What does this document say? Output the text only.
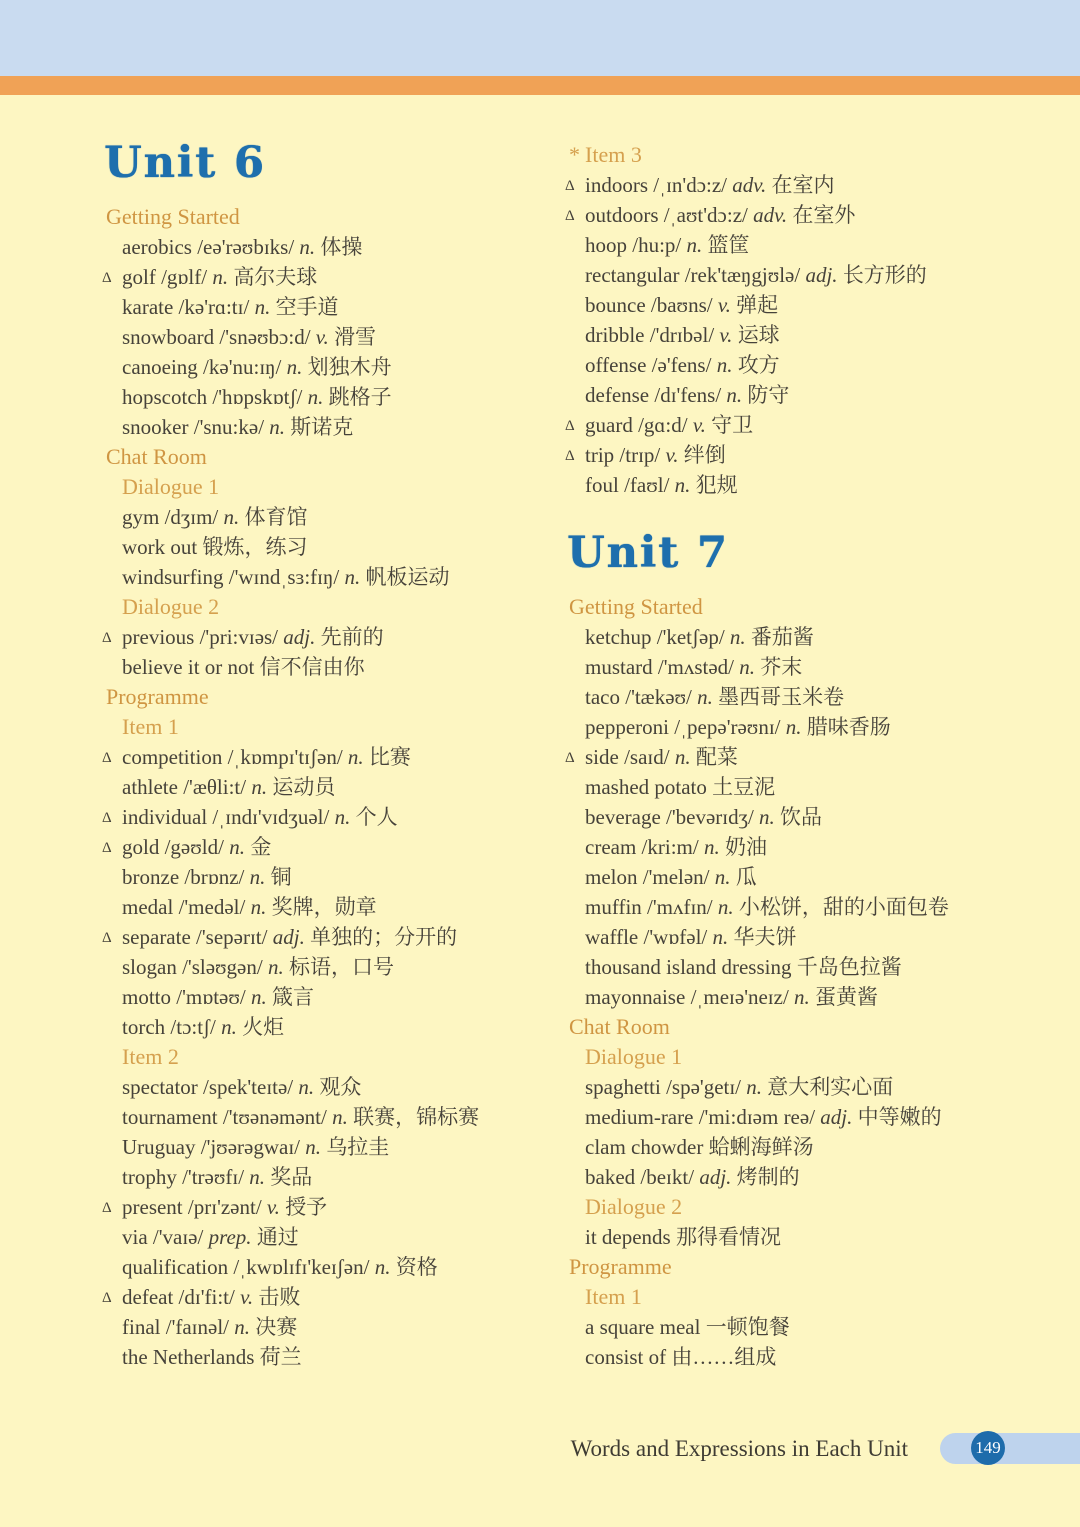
Unit 6
Getting Started
aerobics /eə'rəʊbɪks/ n. 体操
Δ golf /gɒlf/ n. 高尔夫球
karate /kə'rɑ:tɪ/ n. 空手道
snowboard /'snəʊbɔ:d/ v. 滑雪
canoeing /kə'nu:ɪŋ/ n. 划独木舟
hopscotch /'hɒpskɒtʃ/ n. 跳格子
snooker /'snu:kə/ n. 斯诺克
Chat Room
Dialogue 1
gym /dʒɪm/ n. 体育馆
work out 锻炼，练习
windsurfing /'wɪndˌsɜ:fɪŋ/ n. 帆板运动
Dialogue 2
Δ previous /'pri:vɪəs/ adj. 先前的
believe it or not 信不信由你
Programme
Item 1
Δ competition /ˌkɒmpɪ'tɪʃən/ n. 比赛
athlete /'æθli:t/ n. 运动员
Δ individual /ˌɪndɪ'vɪdʒuəl/ n. 个人
Δ gold /gəʊld/ n. 金
bronze /brɒnz/ n. 铜
medal /'medəl/ n. 奖牌，勋章
Δ separate /'sepərɪt/ adj. 单独的；分开的
slogan /'sləʊgən/ n. 标语，口号
motto /'mɒtəʊ/ n. 箴言
torch /tɔ:tʃ/ n. 火炬
Item 2
spectator /spek'teɪtə/ n. 观众
tournament /'tʊənəmənt/ n. 联赛，锦标赛
Uruguay /'jʊərəgwaɪ/ n. 乌拉圭
trophy /'trəʊfɪ/ n. 奖品
Δ present /prɪ'zənt/ v. 授予
via /'vaɪə/ prep. 通过
qualification /ˌkwɒlɪfɪ'keɪʃən/ n. 资格
Δ defeat /dɪ'fi:t/ v. 击败
final /'faɪnəl/ n. 决赛
the Netherlands 荷兰
* Item 3
Δ indoors /ˌɪn'dɔ:z/ adv. 在室内
Δ outdoors /ˌaʊt'dɔ:z/ adv. 在室外
hoop /hu:p/ n. 篮筐
rectangular /rek'tæŋgjʊlə/ adj. 长方形的
bounce /baʊns/ v. 弹起
dribble /'drɪbəl/ v. 运球
offense /ə'fens/ n. 攻方
defense /dɪ'fens/ n. 防守
Δ guard /gɑ:d/ v. 守卫
Δ trip /trɪp/ v. 绊倒
foul /faʊl/ n. 犯规
Unit 7
Getting Started
ketchup /'ketʃəp/ n. 番茄酱
mustard /'mʌstəd/ n. 芥末
taco /'tækəʊ/ n. 墨西哥玉米卷
pepperoni /ˌpepə'rəʊnɪ/ n. 腊味香肠
Δ side /saɪd/ n. 配菜
mashed potato 土豆泥
beverage /'bevərɪdʒ/ n. 饮品
cream /kri:m/ n. 奶油
melon /'melən/ n. 瓜
muffin /'mʌfɪn/ n. 小松饼，甜的小面包卷
waffle /'wɒfəl/ n. 华夫饼
thousand island dressing 千岛色拉酱
mayonnaise /ˌmeɪə'neɪz/ n. 蛋黄酱
Chat Room
Dialogue 1
spaghetti /spə'getɪ/ n. 意大利实心面
medium-rare /'mi:dɪəm reə/ adj. 中等嫩的
clam chowder 蛤蜊海鲜汤
baked /beɪkt/ adj. 烤制的
Dialogue 2
it depends 那得看情况
Programme
Item 1
a square meal 一顿饱餐
consist of 由……组成
Words and Expressions in Each Unit	149
